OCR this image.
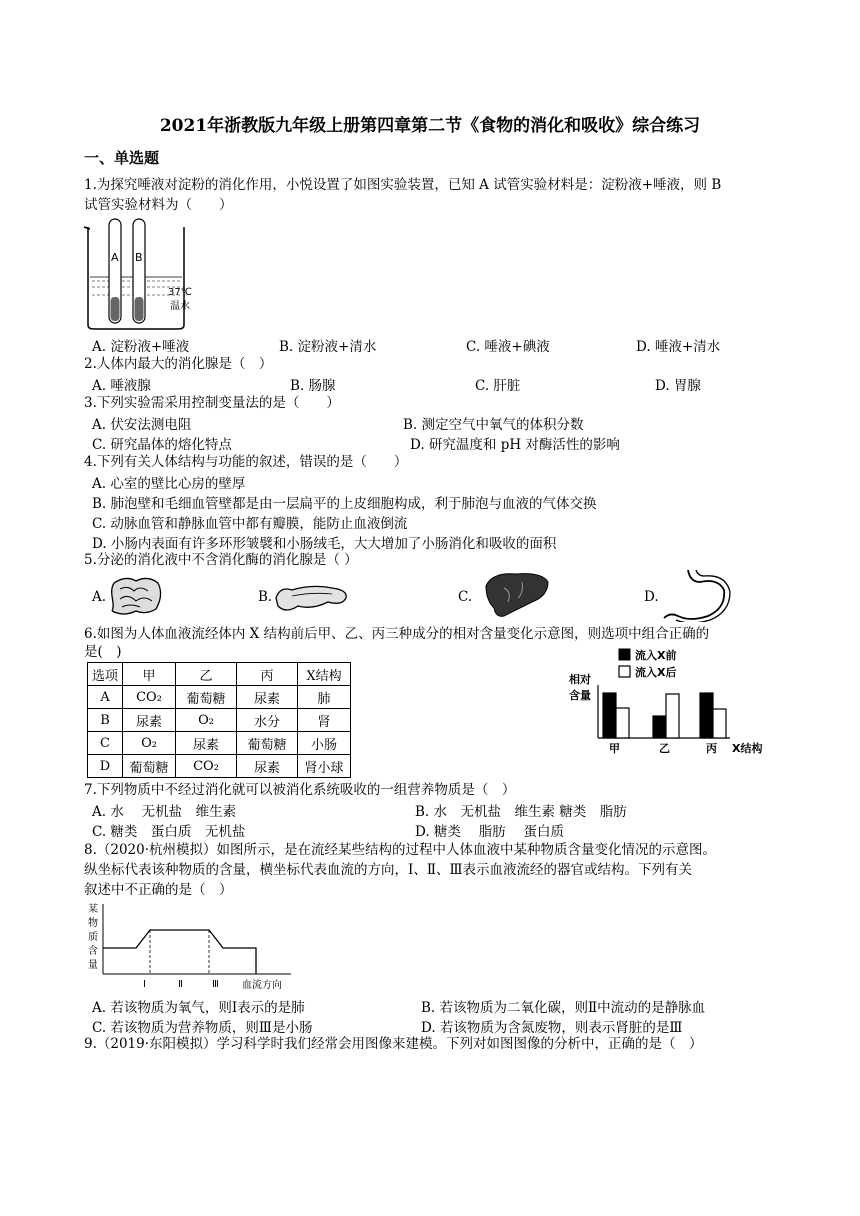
2021年浙教版九年级上册第四章第二节《食物的消化和吸收》综合练习
一、单选题
1.为探究唾液对淀粉的消化作用，小悦设置了如图实验装置，已知 A 试管实验材料是：淀粉液+唾液，则 B
试管实验材料为（　　）
A B
37℃
温水
A. 淀粉液+唾液	B. 淀粉液+清水	C. 唾液+碘液	D. 唾液+清水
2.人体内最大的消化腺是（　）
A. 唾液腺	B. 肠腺	C. 肝脏	D. 胃腺
3.下列实验需采用控制变量法的是（　　）
A. 伏安法测电阻	B. 测定空气中氧气的体积分数
C. 研究晶体的熔化特点	D. 研究温度和 pH 对酶活性的影响
4.下列有关人体结构与功能的叙述，错误的是（　　）
A. 心室的壁比心房的壁厚
B. 肺泡壁和毛细血管壁都是由一层扁平的上皮细胞构成，利于肺泡与血液的气体交换
C. 动脉血管和静脉血管中都有瓣膜，能防止血液倒流
D. 小肠内表面有许多环形皱襞和小肠绒毛，大大增加了小肠消化和吸收的面积
5.分泌的消化液中不含消化酶的消化腺是（ ）
A.	B.	C.	D.
6.如图为人体血液流经体内 X 结构前后甲、乙、丙三种成分的相对含量变化示意图，则选项中组合正确的
是(　)
选项	甲	乙	丙	X结构
A	CO₂	葡萄糖	尿素	肺
B	尿素	O₂	水分	肾
C	O₂	尿素	葡萄糖	小肠
D	葡萄糖	CO₂	尿素	肾小球
相对
含量
流入X前
流入X后
甲	乙	丙 X结构
7.下列物质中不经过消化就可以被消化系统吸收的一组营养物质是（　）
A. 水　 无机盐　维生素	B. 水　无机盐　维生素 糖类　脂肪
C. 糖类　蛋白质　无机盐	D. 糖类　 脂肪　 蛋白质
8.（2020·杭州模拟）如图所示，是在流经某些结构的过程中人体血液中某种物质含量变化情况的示意图。
纵坐标代表该种物质的含量，横坐标代表血流的方向，Ⅰ、Ⅱ、Ⅲ表示血液流经的器官或结构。下列有关
叙述中不正确的是（　）
某
物
质
含
量
Ⅰ	Ⅱ	Ⅲ 血流方向
A. 若该物质为氧气，则Ⅰ表示的是肺	B. 若该物质为二氧化碳，则Ⅱ中流动的是静脉血
C. 若该物质为营养物质，则Ⅲ是小肠	D. 若该物质为含氮废物，则表示肾脏的是Ⅲ
9.（2019·东阳模拟）学习科学时我们经常会用图像来建模。下列对如图图像的分析中，正确的是（　）
